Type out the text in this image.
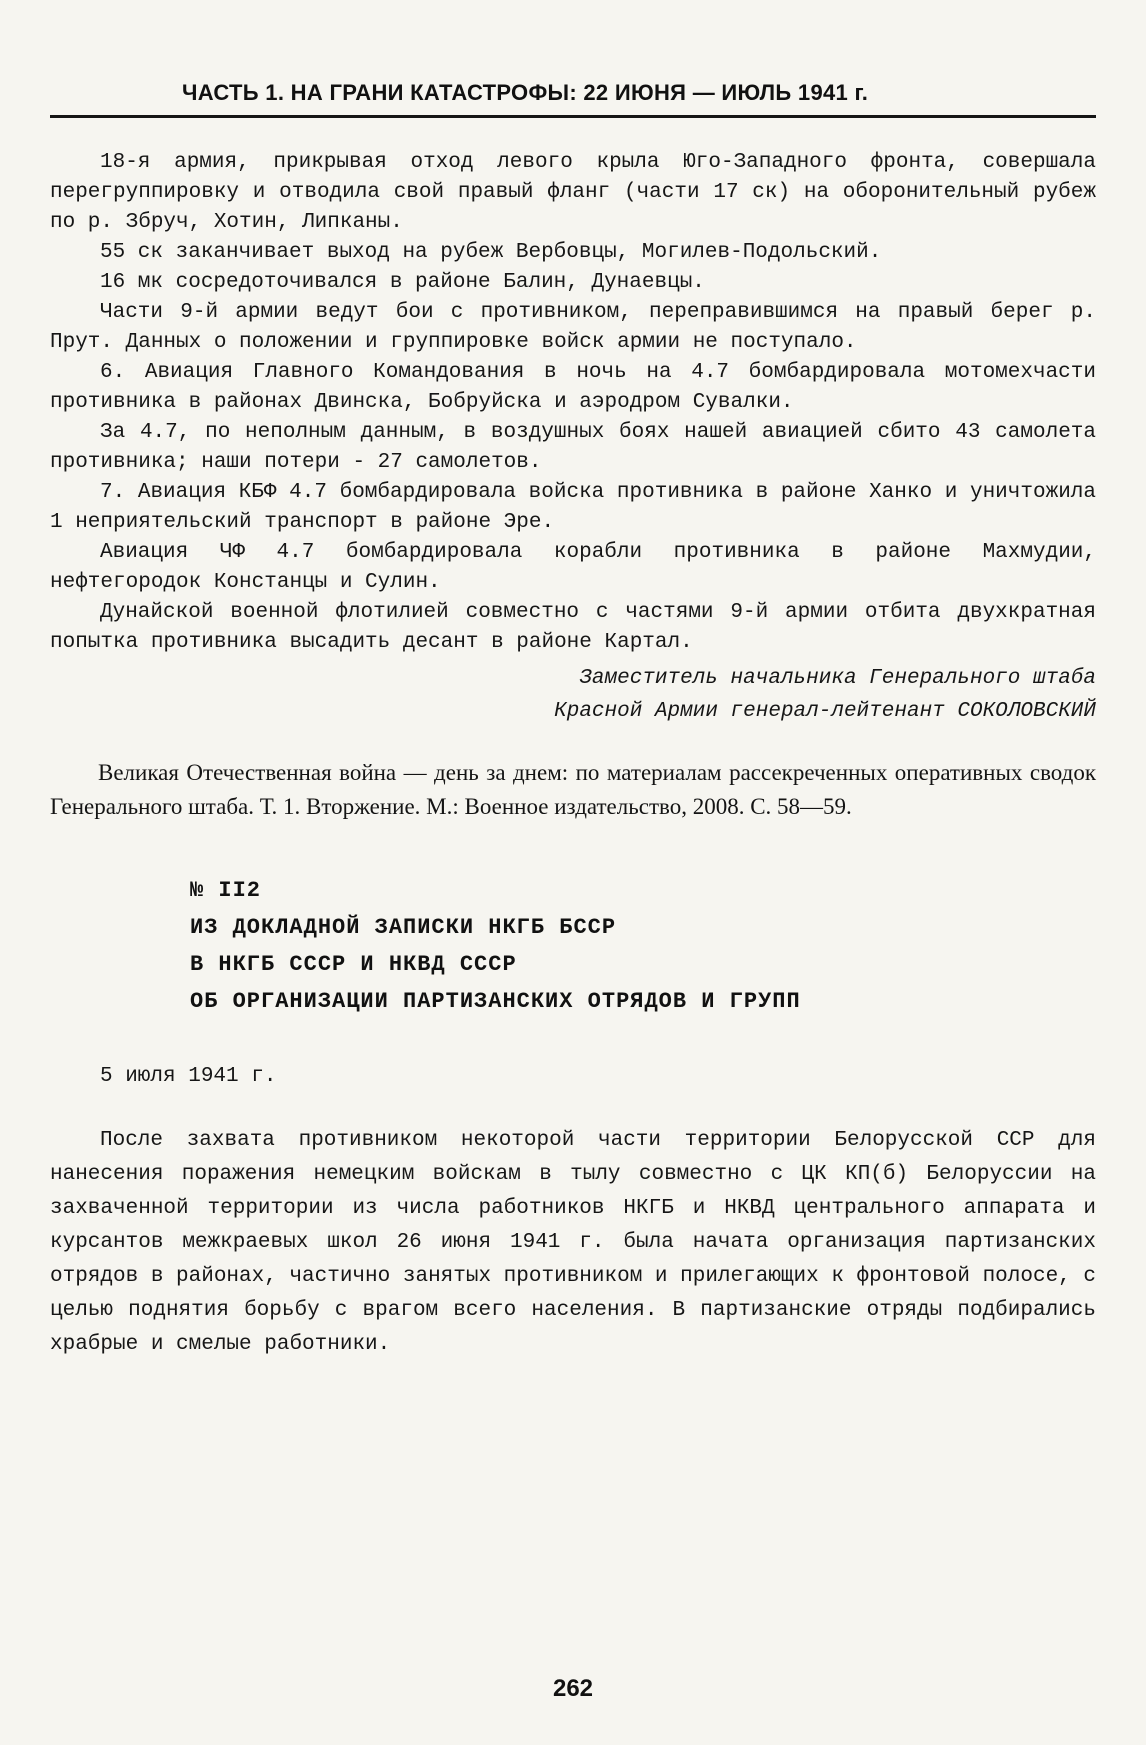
ЧАСТЬ 1. НА ГРАНИ КАТАСТРОФЫ: 22 ИЮНЯ — ИЮЛЬ 1941 г.

18-я армия, прикрывая отход левого крыла Юго-Западного фронта, совершала перегруппировку и отводила свой правый фланг (части 17 ск) на оборонительный рубеж по р. Збруч, Хотин, Липканы.

55 ск заканчивает выход на рубеж Вербовцы, Могилев-Подольский.

16 мк сосредоточивался в районе Балин, Дунаевцы.

Части 9-й армии ведут бои с противником, переправившимся на правый берег р. Прут. Данных о положении и группировке войск армии не поступало.

6. Авиация Главного Командования в ночь на 4.7 бомбардировала мотомехчасти противника в районах Двинска, Бобруйска и аэродром Сувалки.

За 4.7, по неполным данным, в воздушных боях нашей авиацией сбито 43 самолета противника; наши потери - 27 самолетов.

7. Авиация КБФ 4.7 бомбардировала войска противника в районе Ханко и уничтожила 1 неприятельский транспорт в районе Эре.

Авиация ЧФ 4.7 бомбардировала корабли противника в районе Махмудии, нефтегородок Констанцы и Сулин.

Дунайской военной флотилией совместно с частями 9-й армии отбита двухкратная попытка противника высадить десант в районе Картал.

Заместитель начальника Генерального штаба
Красной Армии генерал-лейтенант СОКОЛОВСКИЙ

Великая Отечественная война — день за днем: по материалам рассекреченных оперативных сводок Генерального штаба. Т. 1. Вторжение. М.: Военное издательство, 2008. С. 58—59.

№ II2
ИЗ ДОКЛАДНОЙ ЗАПИСКИ НКГБ БССР
В НКГБ СССР И НКВД СССР
ОБ ОРГАНИЗАЦИИ ПАРТИЗАНСКИХ ОТРЯДОВ И ГРУПП

5 июля 1941 г.

После захвата противником некоторой части территории Белорусской ССР для нанесения поражения немецким войскам в тылу совместно с ЦК КП(б) Белоруссии на захваченной территории из числа работников НКГБ и НКВД центрального аппарата и курсантов межкраевых школ 26 июня 1941 г. была начата организация партизанских отрядов в районах, частично занятых противником и прилегающих к фронтовой полосе, с целью поднятия борьбу с врагом всего населения. В партизанские отряды подбирались храбрые и смелые работники.

262
